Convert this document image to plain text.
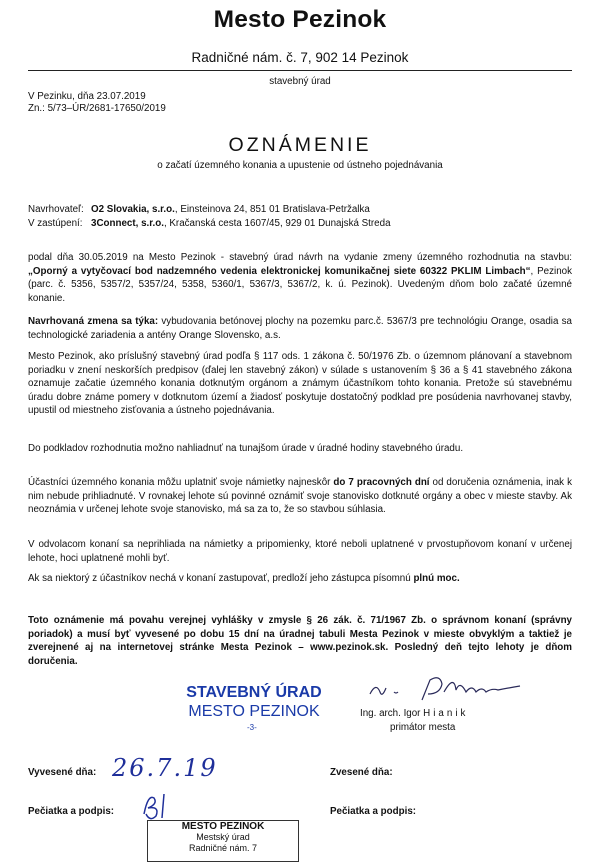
Mesto Pezinok
Radničné nám. č. 7, 902 14 Pezinok
stavebný úrad
V Pezinku, dňa 23.07.2019
Zn.: 5/73–ÚR/2681-17650/2019
OZNÁMENIE
o začatí územného konania a upustenie od ústneho pojednávania
Navrhovateľ: O2 Slovakia, s.r.o., Einsteinova 24, 851 01 Bratislava-Petržalka
V zastúpení: 3Connect, s.r.o., Kračanská cesta 1607/45, 929 01 Dunajská Streda

podal dňa 30.05.2019 na Mesto Pezinok - stavebný úrad návrh na vydanie zmeny územného rozhodnutia na stavbu: „Oporný a vytyčovací bod nadzemného vedenia elektronickej komunikačnej siete 60322 PKLIM Limbach“, Pezinok (parc. č. 5356, 5357/2, 5357/24, 5358, 5360/1, 5367/3, 5367/2, k. ú. Pezinok). Uvedeným dňom bolo začaté územné konanie.

Navrhovaná zmena sa týka: vybudovania betónovej plochy na pozemku parc.č. 5367/3 pre technológiu Orange, osadia sa technologické zariadenia a antény Orange Slovensko, a.s.

Mesto Pezinok, ako príslušný stavebný úrad podľa § 117 ods. 1 zákona č. 50/1976 Zb. o územnom plánovaní a stavebnom poriadku v znení neskorších predpisov (ďalej len stavebný zákon) v súlade s ustanovením § 36 a § 41 stavebného zákona oznamuje začatie územného konania dotknutým orgánom a známym účastníkom tohto konania. Pretože sú stavebnému úradu dobre známe pomery v dotknutom území a žiadosť poskytuje dostatočný podklad pre posúdenia navrhovanej stavby, upustil od miestneho zisťovania a ústneho pojednávania.

Do podkladov rozhodnutia možno nahliadnuť na tunajšom úrade v úradné hodiny stavebného úradu.

Účastníci územného konania môžu uplatniť svoje námietky najneskôr do 7 pracovných dní od doručenia oznámenia, inak k nim nebude prihliadnuté. V rovnakej lehote sú povinné oznámiť svoje stanovisko dotknuté orgány a obec v mieste stavby. Ak neoznámia v určenej lehote svoje stanovisko, má sa za to, že so stavbou súhlasia.

V odvolacom konaní sa neprihliada na námietky a pripomienky, ktoré neboli uplatnené v prvostupňovom konaní v určenej lehote, hoci uplatnené mohli byť.

Ak sa niektorý z účastníkov nechá v konaní zastupovať, predloží jeho zástupca písomnú plnú moc.

Toto oznámenie má povahu verejnej vyhlášky v zmysle § 26 zák. č. 71/1967 Zb. o správnom konaní (správny poriadok) a musí byť vyvesené po dobu 15 dní na úradnej tabuli Mesta Pezinok v mieste obvyklým a taktiež je zverejnené aj na internetovej stránke Mesta Pezinok – www.pezinok.sk. Posledný deň tejto lehoty je dňom doručenia.

STAVEBNÝ ÚRAD
MESTO PEZINOK
-3-
Ing. arch. Igor Hianik
primátor mesta
Vyvesené dňa: 26.7.19	Zvesené dňa:
Pečiatka a podpis:	Pečiatka a podpis:
MESTO PEZINOK
Mestský úrad
Radničné nám. 7
